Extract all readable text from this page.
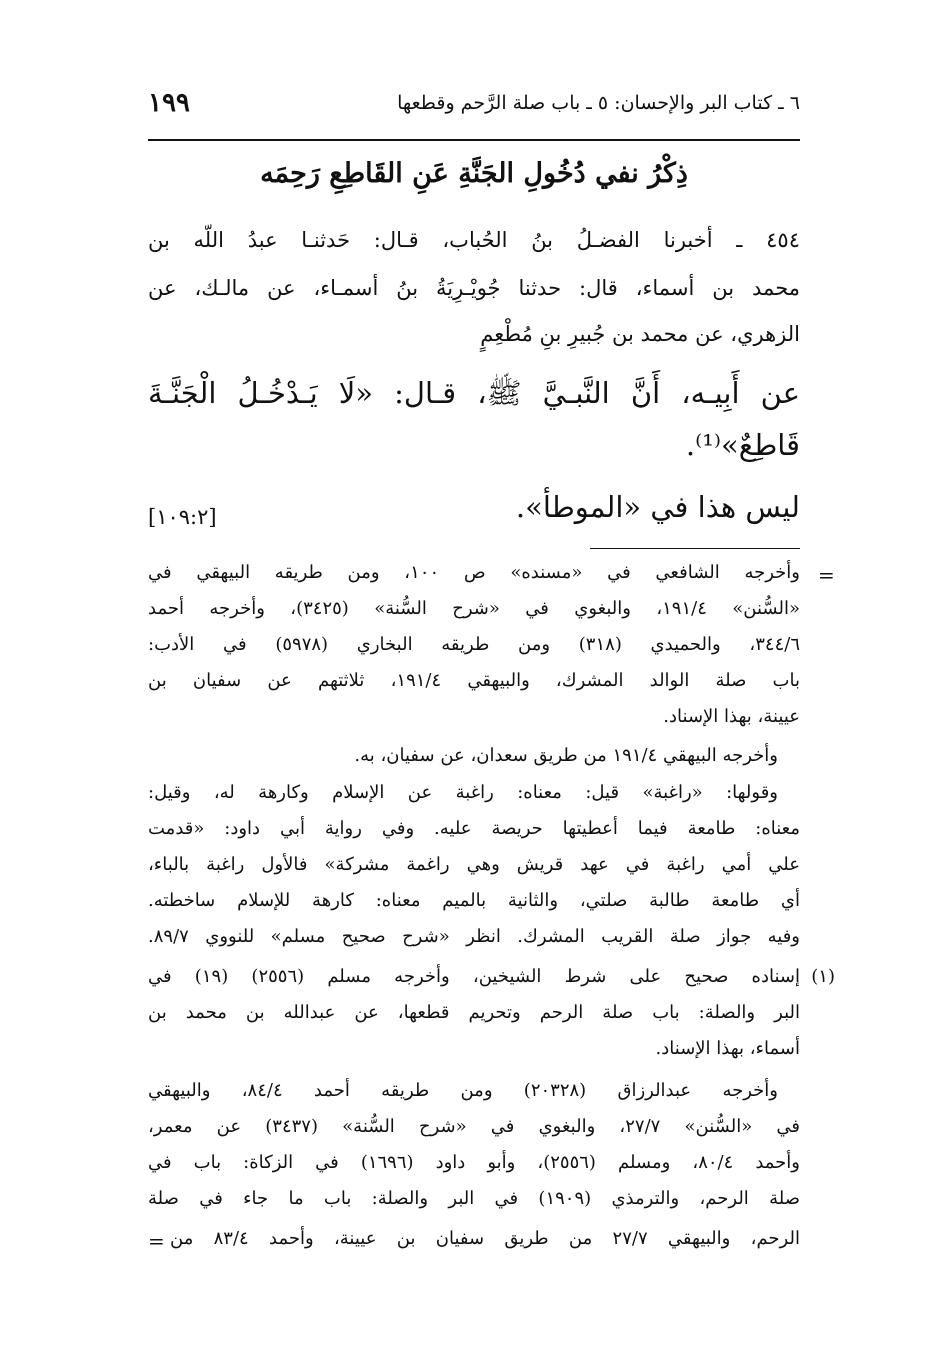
١٩٩	٦ ـ كتاب البر والإحسان: ٥ ـ باب صلة الرَّحم وقطعها
ذِكْرُ نفي دُخُولِ الجَنَّةِ عَنِ القَاطِعِ رَحِمَه
٤٥٤ ـ أخبرنا الفضـلُ بنُ الحُباب، قـال: حَدثنـا عبدُ اللّه بن
محمد بن أسماء، قال: حدثنا جُويْـرِيَةُ بنُ أسمـاء، عن مالـك، عن
الزهري، عن محمد بن جُبيرِ بنِ مُطْعِمٍ
عن أَبِيـه، أَنَّ النَّبـيَّ ﷺ، قـال: «لَا يَـدْخُـلُ الْجَنَّـةَ
قَاطِعٌ»⁽¹⁾.
ليس هذا في «الموطأ».
[١٠٩:٢]
=
وأخرجه الشافعي في «مسنده» ص ١٠٠، ومن طريقه البيهقي في
«السُّنن» ١٩١/٤، والبغوي في «شرح السُّنة» (٣٤٢٥)، وأخرجه أحمد
٣٤٤/٦، والحميدي (٣١٨) ومن طريقه البخاري (٥٩٧٨) في الأدب:
باب صلة الوالد المشرك، والبيهقي ١٩١/٤، ثلاثتهم عن سفيان بن
عيينة، بهذا الإسناد.
وأخرجه البيهقي ١٩١/٤ من طريق سعدان، عن سفيان، به.
وقولها: «راغبة» قيل: معناه: راغبة عن الإسلام وكارهة له، وقيل:
معناه: طامعة فيما أعطيتها حريصة عليه. وفي رواية أبي داود: «قدمت
علي أمي راغبة في عهد قريش وهي راغمة مشركة» فالأول راغبة بالباء،
أي طامعة طالبة صلتي، والثانية بالميم معناه: كارهة للإسلام ساخطته.
وفيه جواز صلة القريب المشرك. انظر «شرح صحيح مسلم» للنووي ٨٩/٧.
(١)
إسناده صحيح على شرط الشيخين، وأخرجه مسلم (٢٥٥٦) (١٩) في
البر والصلة: باب صلة الرحم وتحريم قطعها، عن عبدالله بن محمد بن
أسماء، بهذا الإسناد.
وأخرجه عبدالرزاق (٢٠٣٢٨) ومن طريقه أحمد ٨٤/٤، والبيهقي
في «السُّنن» ٢٧/٧، والبغوي في «شرح السُّنة» (٣٤٣٧) عن معمر،
وأحمد ٨٠/٤، ومسلم (٢٥٥٦)، وأبو داود (١٦٩٦) في الزكاة: باب في
صلة الرحم، والترمذي (١٩٠٩) في البر والصلة: باب ما جاء في صلة
الرحم، والبيهقي ٢٧/٧ من طريق سفيان بن عيينة، وأحمد ٨٣/٤ من
=
